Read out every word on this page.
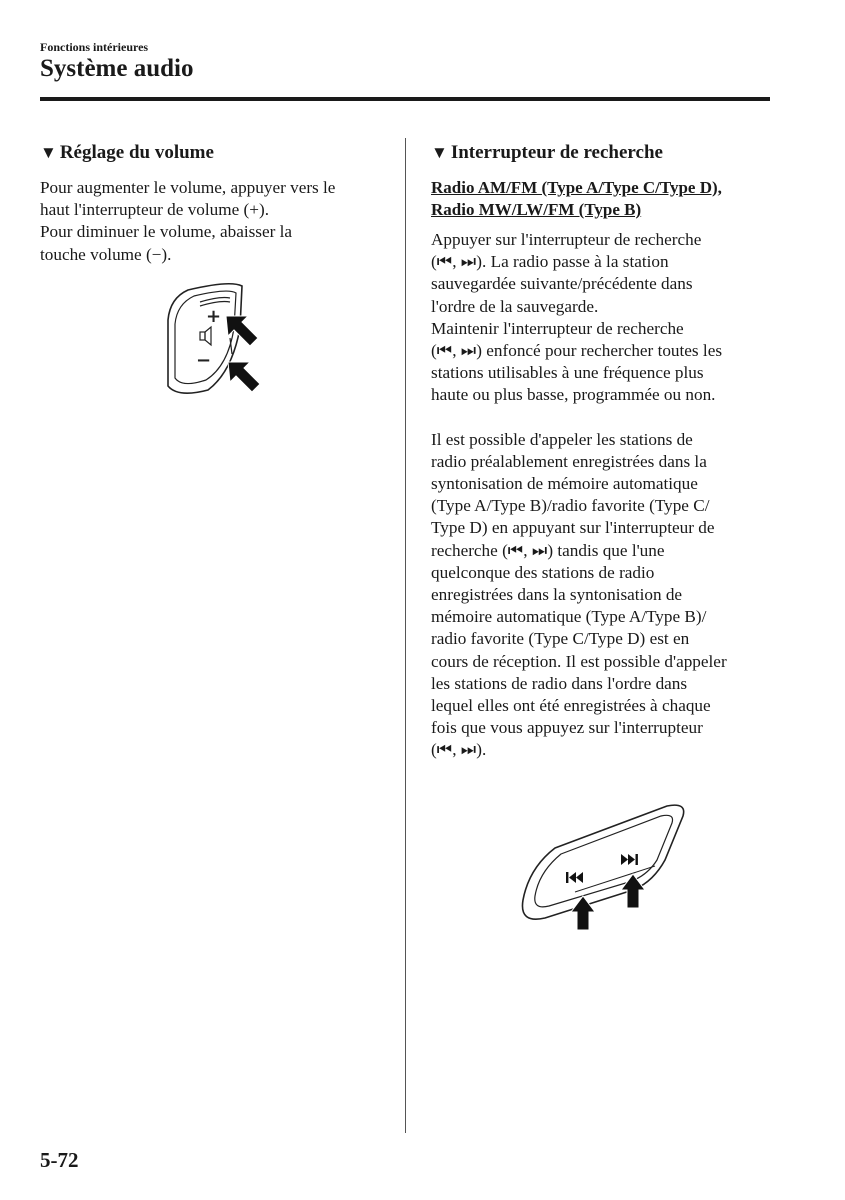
Fonctions intérieures
Système audio
▼ Réglage du volume

Pour augmenter le volume, appuyer vers le

haut l'interrupteur de volume (+).

Pour diminuer le volume, abaisser la

touche volume (−).

+
−
▼ Interrupteur de recherche
Radio AM/FM (Type A/Type C/Type D),
Radio MW/LW/FM (Type B)

Appuyer sur l'interrupteur de recherche

(⏮, ⏭). La radio passe à la station

sauvegardée suivante/précédente dans

l'ordre de la sauvegarde.

Maintenir l'interrupteur de recherche

(⏮, ⏭) enfoncé pour rechercher toutes les

stations utilisables à une fréquence plus

haute ou plus basse, programmée ou non.

Il est possible d'appeler les stations de

radio préalablement enregistrées dans la

syntonisation de mémoire automatique

(Type A/Type B)/radio favorite (Type C/

Type D) en appuyant sur l'interrupteur de

recherche (⏮, ⏭) tandis que l'une

quelconque des stations de radio

enregistrées dans la syntonisation de

mémoire automatique (Type A/Type B)/

radio favorite (Type C/Type D) est en

cours de réception. Il est possible d'appeler

les stations de radio dans l'ordre dans

lequel elles ont été enregistrées à chaque

fois que vous appuyez sur l'interrupteur

(⏮, ⏭).

5-72
